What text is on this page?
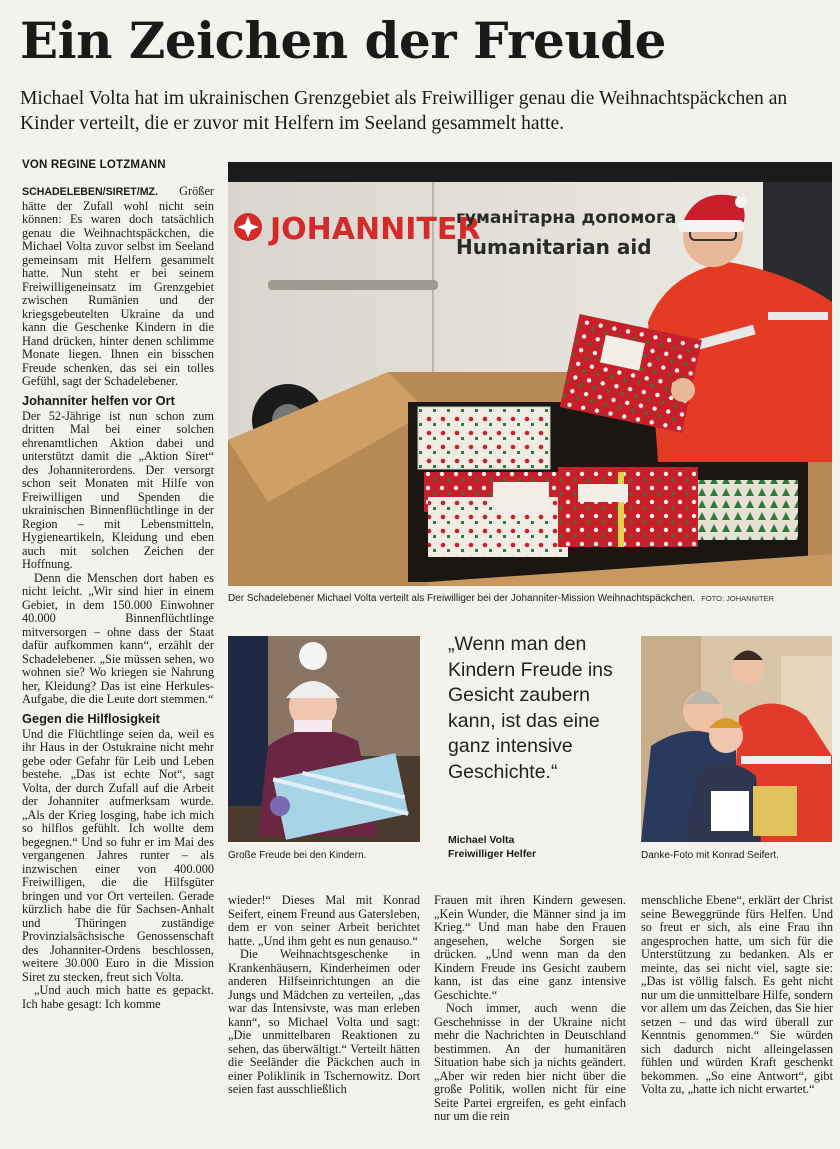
Ein Zeichen der Freude

Michael Volta hat im ukrainischen Grenzgebiet als Freiwilliger genau die Weihnachtspäckchen an Kinder verteilt, die er zuvor mit Helfern im Seeland gesammelt hatte.

VON REGINE LOTZMANN

SCHADELEBEN/SIRET/MZ. Größer hätte der Zufall wohl nicht sein können: Es waren doch tatsächlich genau die Weihnachtspäckchen, die Michael Volta zuvor selbst im Seeland gemeinsam mit Helfern gesammelt hatte. Nun steht er bei seinem Freiwilligeneinsatz im Grenzgebiet zwischen Rumänien und der kriegsgebeutelten Ukraine da und kann die Geschenke Kindern in die Hand drücken, hinter denen schlimme Monate liegen. Ihnen ein bisschen Freude schenken, das sei ein tolles Gefühl, sagt der Schadelebener.

Johanniter helfen vor Ort

Der 52-Jährige ist nun schon zum dritten Mal bei einer solchen ehrenamtlichen Aktion dabei und unterstützt damit die „Aktion Siret“ des Johanniterordens. Der versorgt schon seit Monaten mit Hilfe von Freiwilligen und Spenden die ukrainischen Binnenflüchtlinge in der Region – mit Lebensmitteln, Hygieneartikeln, Kleidung und eben auch mit solchen Zeichen der Hoffnung.

Denn die Menschen dort haben es nicht leicht. „Wir sind hier in einem Gebiet, in dem 150.000 Einwohner 40.000 Binnenflüchtlinge mitversorgen – ohne dass der Staat dafür aufkommen kann“, erzählt der Schadelebener. „Sie müssen sehen, wo wohnen sie? Wo kriegen sie Nahrung her, Kleidung? Das ist eine Herkules-Aufgabe, die die Leute dort stemmen.“

Gegen die Hilflosigkeit

Und die Flüchtlinge seien da, weil es ihr Haus in der Ostukraine nicht mehr gebe oder Gefahr für Leib und Leben bestehe. „Das ist echte Not“, sagt Volta, der durch Zufall auf die Arbeit der Johanniter aufmerksam wurde. „Als der Krieg losging, habe ich mich so hilflos gefühlt. Ich wollte dem begegnen.“ Und so fuhr er im Mai des vergangenen Jahres runter – als inzwischen einer von 400.000 Freiwilligen, die die Hilfsgüter bringen und vor Ort verteilen. Gerade kürzlich habe die für Sachsen-Anhalt und Thüringen zuständige Provinzialsächsische Genossenschaft des Johanniter-Ordens beschlossen, weitere 30.000 Euro in die Mission Siret zu stecken, freut sich Volta.

„Und auch mich hatte es gepackt. Ich habe gesagt: Ich komme

JOHANNITER
гуманітарна допомога
Humanitarian aid
Der Schadelebener Michael Volta verteilt als Freiwilliger bei der Johanniter-Mission Weihnachtspäckchen. FOTO: JOHANNITER
Große Freude bei den Kindern.
„Wenn man den Kindern Freude ins Gesicht zaubern kann, ist das eine ganz intensive Geschichte.“
Michael Volta
Freiwilliger Helfer	Danke-Foto mit Konrad Seifert.

wieder!“ Dieses Mal mit Konrad Seifert, einem Freund aus Gatersleben, dem er von seiner Arbeit berichtet hatte. „Und ihm geht es nun genauso.“

Die Weihnachtsgeschenke in Krankenhäusern, Kinderheimen oder anderen Hilfseinrichtungen an die Jungs und Mädchen zu verteilen, „das war das Intensivste, was man erleben kann“, so Michael Volta und sagt: „Die unmittelbaren Reaktionen zu sehen, das überwältigt.“ Verteilt hätten die Seeländer die Päckchen auch in einer Poliklinik in Tschernowitz. Dort seien fast ausschließlich

Frauen mit ihren Kindern gewesen. „Kein Wunder, die Männer sind ja im Krieg.“ Und man habe den Frauen angesehen, welche Sorgen sie drücken. „Und wenn man da den Kindern Freude ins Gesicht zaubern kann, ist das eine ganz intensive Geschichte.“

Noch immer, auch wenn die Geschehnisse in der Ukraine nicht mehr die Nachrichten in Deutschland bestimmen. An der humanitären Situation habe sich ja nichts geändert. „Aber wir reden hier nicht über die große Politik, wollen nicht für eine Seite Partei ergreifen, es geht einfach nur um die rein

menschliche Ebene“, erklärt der Christ seine Beweggründe fürs Helfen. Und so freut er sich, als eine Frau ihn angesprochen hatte, um sich für die Unterstützung zu bedanken. Als er meinte, das sei nicht viel, sagte sie: „Das ist völlig falsch. Es geht nicht nur um die unmittelbare Hilfe, sondern vor allem um das Zeichen, das Sie hier setzen – und das wird überall zur Kenntnis genommen.“ Sie würden sich dadurch nicht alleingelassen fühlen und würden Kraft geschenkt bekommen. „So eine Antwort“, gibt Volta zu, „hatte ich nicht erwartet.“
